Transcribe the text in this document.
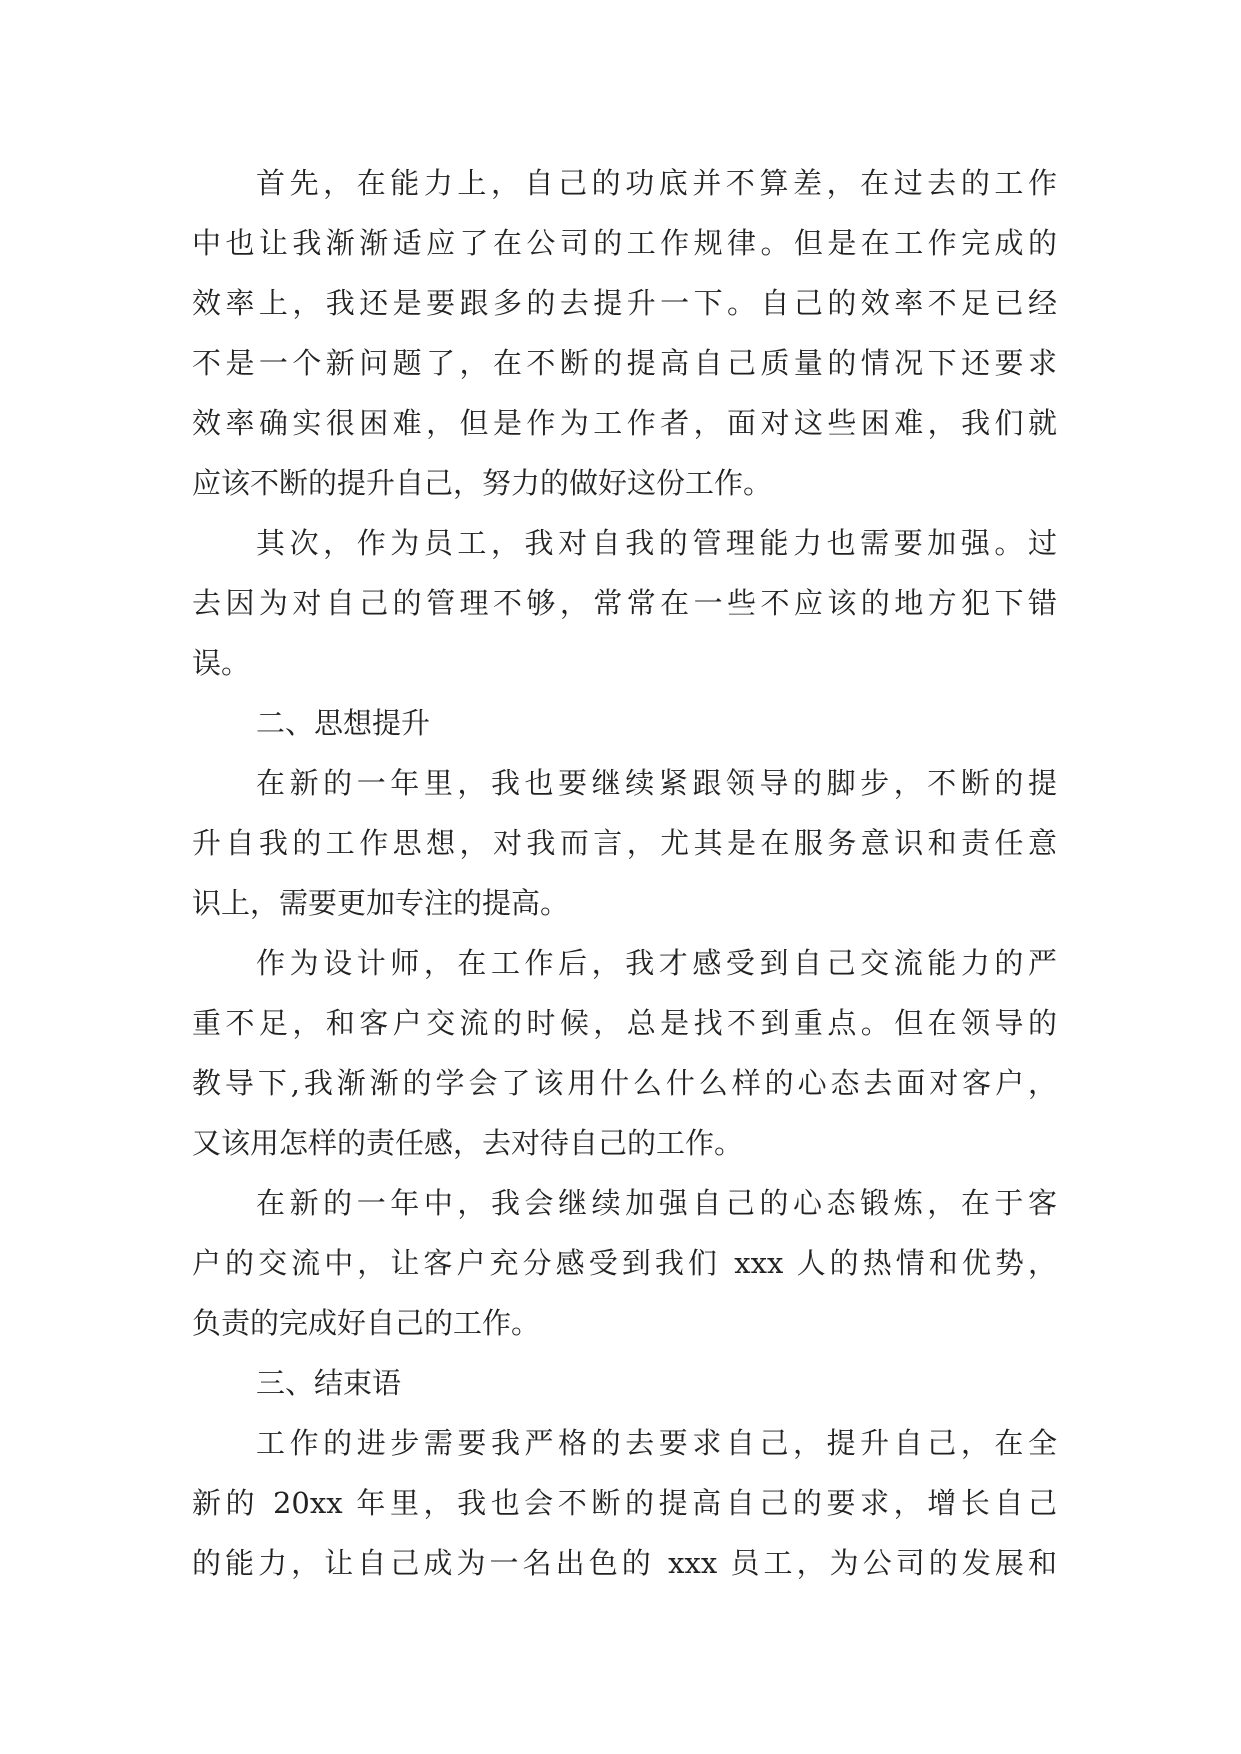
首先，在能力上，自己的功底并不算差，在过去的工作
中也让我渐渐适应了在公司的工作规律。但是在工作完成的
效率上，我还是要跟多的去提升一下。自己的效率不足已经
不是一个新问题了，在不断的提高自己质量的情况下还要求
效率确实很困难，但是作为工作者，面对这些困难，我们就
应该不断的提升自己，努力的做好这份工作。
其次，作为员工，我对自我的管理能力也需要加强。过
去因为对自己的管理不够，常常在一些不应该的地方犯下错
误。
二、思想提升
在新的一年里，我也要继续紧跟领导的脚步，不断的提
升自我的工作思想，对我而言，尤其是在服务意识和责任意
识上，需要更加专注的提高。
作为设计师，在工作后，我才感受到自己交流能力的严
重不足，和客户交流的时候，总是找不到重点。但在领导的
教导下,我渐渐的学会了该用什么什么样的心态去面对客户，
又该用怎样的责任感，去对待自己的工作。
在新的一年中，我会继续加强自己的心态锻炼，在于客
户的交流中，让客户充分感受到我们 xxx 人的热情和优势，
负责的完成好自己的工作。
三、结束语
工作的进步需要我严格的去要求自己，提升自己，在全
新的 20xx 年里，我也会不断的提高自己的要求，增长自己
的能力，让自己成为一名出色的 xxx 员工，为公司的发展和
